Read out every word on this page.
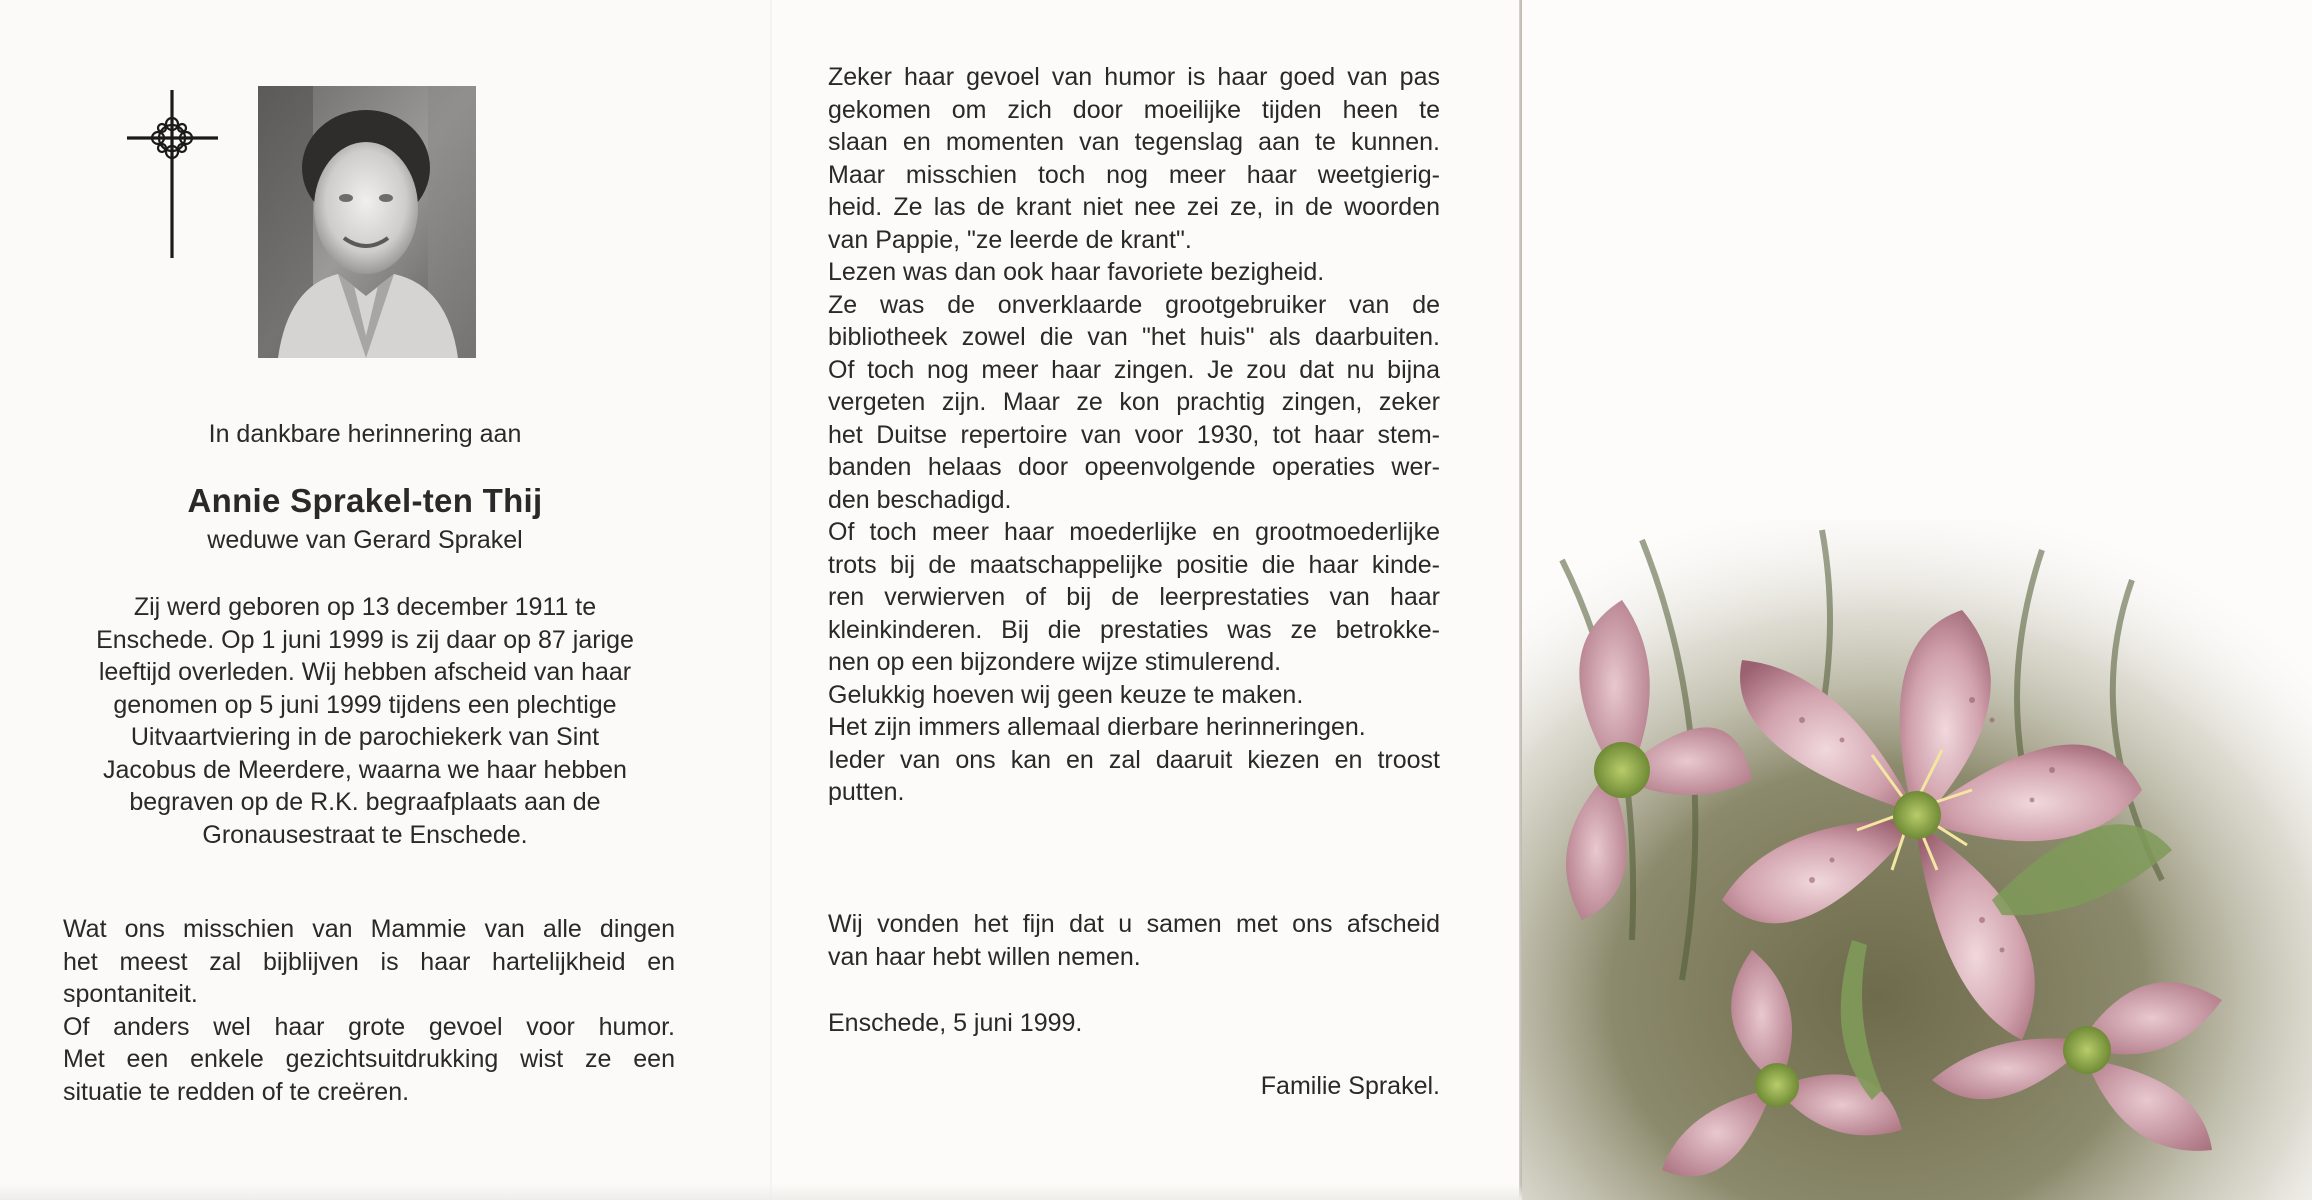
In dankbare herinnering aan
Annie Sprakel-ten Thij
weduwe van Gerard Sprakel
Zij werd geboren op 13 december 1911 te
Enschede. Op 1 juni 1999 is zij daar op 87 jarige
leeftijd overleden. Wij hebben afscheid van haar
genomen op 5 juni 1999 tijdens een plechtige
Uitvaartviering in de parochiekerk van Sint
Jacobus de Meerdere, waarna we haar hebben
begraven op de R.K. begraafplaats aan de
Gronausestraat te Enschede.
Wat ons misschien van Mammie van alle dingen
het meest zal bijblijven is haar hartelijkheid en
spontaniteit.
Of anders wel haar grote gevoel voor humor.
Met een enkele gezichtsuitdrukking wist ze een
situatie te redden of te creëren.
Zeker haar gevoel van humor is haar goed van pas
gekomen om zich door moeilijke tijden heen te
slaan en momenten van tegenslag aan te kunnen.
Maar misschien toch nog meer haar weetgierig-
heid. Ze las de krant niet nee zei ze, in de woorden
van Pappie, "ze leerde de krant".
Lezen was dan ook haar favoriete bezigheid.
Ze was de onverklaarde grootgebruiker van de
bibliotheek zowel die van "het huis" als daarbuiten.
Of toch nog meer haar zingen. Je zou dat nu bijna
vergeten zijn. Maar ze kon prachtig zingen, zeker
het Duitse repertoire van voor 1930, tot haar stem-
banden helaas door opeenvolgende operaties wer-
den beschadigd.
Of toch meer haar moederlijke en grootmoederlijke
trots bij de maatschappelijke positie die haar kinde-
ren verwierven of bij de leerprestaties van haar
kleinkinderen. Bij die prestaties was ze betrokke-
nen op een bijzondere wijze stimulerend.
Gelukkig hoeven wij geen keuze te maken.
Het zijn immers allemaal dierbare herinneringen.
Ieder van ons kan en zal daaruit kiezen en troost
putten.
Wij vonden het fijn dat u samen met ons afscheid
van haar hebt willen nemen.
Enschede, 5 juni 1999.
Familie Sprakel.
